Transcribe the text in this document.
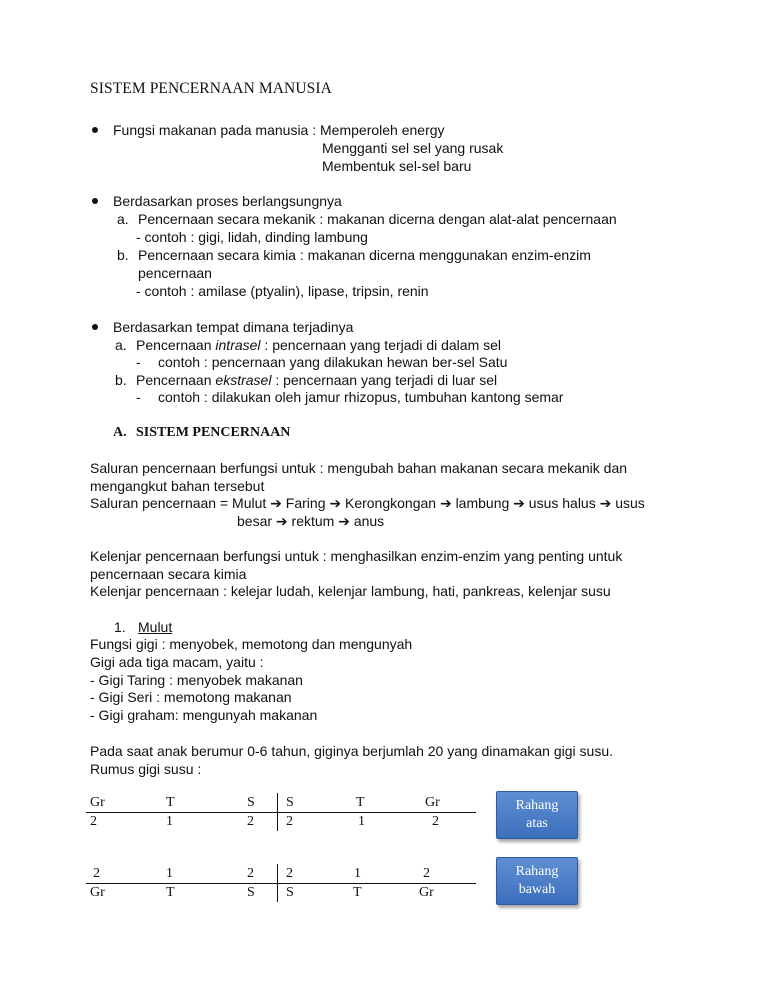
SISTEM PENCERNAAN MANUSIA
Fungsi makanan pada manusia : Memperoleh energy
Mengganti sel sel yang rusak
Membentuk sel-sel baru
Berdasarkan proses berlangsungnya
a. Pencernaan secara mekanik : makanan dicerna dengan alat-alat pencernaan
- contoh : gigi, lidah, dinding lambung
b. Pencernaan secara kimia : makanan dicerna menggunakan enzim-enzim
pencernaan
- contoh : amilase (ptyalin), lipase, tripsin, renin
Berdasarkan tempat dimana terjadinya
a. Pencernaan intrasel : pencernaan yang terjadi di dalam sel
- contoh : pencernaan yang dilakukan hewan ber-sel Satu
b. Pencernaan ekstrasel : pencernaan yang terjadi di luar sel
- contoh : dilakukan oleh jamur rhizopus, tumbuhan kantong semar
A. SISTEM PENCERNAAN
Saluran pencernaan berfungsi untuk : mengubah bahan makanan secara mekanik dan
mengangkut bahan tersebut
Saluran pencernaan = Mulut ➔ Faring ➔ Kerongkongan ➔ lambung ➔ usus halus ➔ usus
besar ➔ rektum ➔ anus
Kelenjar pencernaan berfungsi untuk : menghasilkan enzim-enzim yang penting untuk
pencernaan secara kimia
Kelenjar pencernaan : kelejar ludah, kelenjar lambung, hati, pankreas, kelenjar susu
1. Mulut
Fungsi gigi : menyobek, memotong dan mengunyah
Gigi ada tiga macam, yaitu :
- Gigi Taring : menyobek makanan
- Gigi Seri : memotong makanan
- Gigi graham: mengunyah makanan
Pada saat anak berumur 0-6 tahun, giginya berjumlah 20 yang dinamakan gigi susu.
Rumus gigi susu :
Gr	T	S S	T	Gr
2	1	2 2	1	2
Rahang
atas
2	1	2 2	1	2
Gr	T	S S	T	Gr
Rahang
bawah
